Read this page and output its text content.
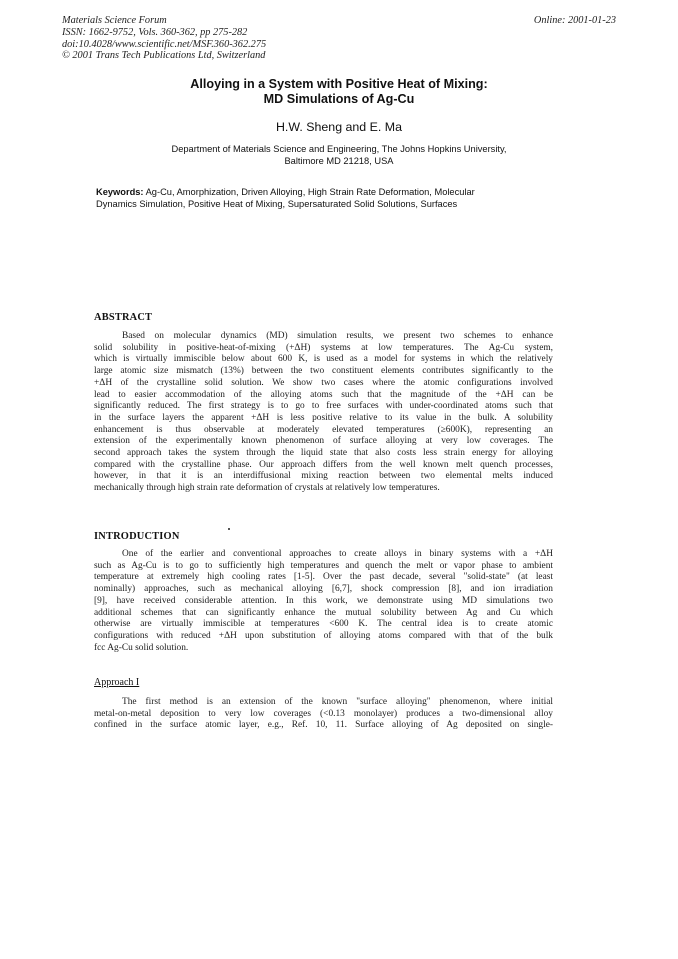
Materials Science Forum
ISSN: 1662-9752, Vols. 360-362, pp 275-282
doi:10.4028/www.scientific.net/MSF.360-362.275
© 2001 Trans Tech Publications Ltd, Switzerland
Online: 2001-01-23
Alloying in a System with Positive Heat of Mixing:
MD Simulations of Ag-Cu
H.W. Sheng and E. Ma
Department of Materials Science and Engineering, The Johns Hopkins University,
Baltimore MD 21218, USA
Keywords: Ag-Cu, Amorphization, Driven Alloying, High Strain Rate Deformation, Molecular
Dynamics Simulation, Positive Heat of Mixing, Supersaturated Solid Solutions, Surfaces
ABSTRACT
Based on molecular dynamics (MD) simulation results, we present two schemes to enhance
solid solubility in positive-heat-of-mixing (+ΔH) systems at low temperatures. The Ag-Cu system,
which is virtually immiscible below about 600 K, is used as a model for systems in which the relatively
large atomic size mismatch (13%) between the two constituent elements contributes significantly to the
+ΔH of the crystalline solid solution. We show two cases where the atomic configurations involved
lead to easier accommodation of the alloying atoms such that the magnitude of the +ΔH can be
significantly reduced. The first strategy is to go to free surfaces with under-coordinated atoms such that
in the surface layers the apparent +ΔH is less positive relative to its value in the bulk. A solubility
enhancement is thus observable at moderately elevated temperatures (≥600K), representing an
extension of the experimentally known phenomenon of surface alloying at very low coverages. The
second approach takes the system through the liquid state that also costs less strain energy for alloying
compared with the crystalline phase. Our approach differs from the well known melt quench processes,
however, in that it is an interdiffusional mixing reaction between two elemental melts induced
mechanically through high strain rate deformation of crystals at relatively low temperatures.
INTRODUCTION
One of the earlier and conventional approaches to create alloys in binary systems with a +ΔH
such as Ag-Cu is to go to sufficiently high temperatures and quench the melt or vapor phase to ambient
temperature at extremely high cooling rates [1-5]. Over the past decade, several "solid-state" (at least
nominally) approaches, such as mechanical alloying [6,7], shock compression [8], and ion irradiation
[9], have received considerable attention. In this work, we demonstrate using MD simulations two
additional schemes that can significantly enhance the mutual solubility between Ag and Cu which
otherwise are virtually immiscible at temperatures <600 K. The central idea is to create atomic
configurations with reduced +ΔH upon substitution of alloying atoms compared with that of the bulk
fcc Ag-Cu solid solution.
Approach I
The first method is an extension of the known "surface alloying" phenomenon, where initial
metal-on-metal deposition to very low coverages (<0.13 monolayer) produces a two-dimensional alloy
confined in the surface atomic layer, e.g., Ref. 10, 11. Surface alloying of Ag deposited on single-
